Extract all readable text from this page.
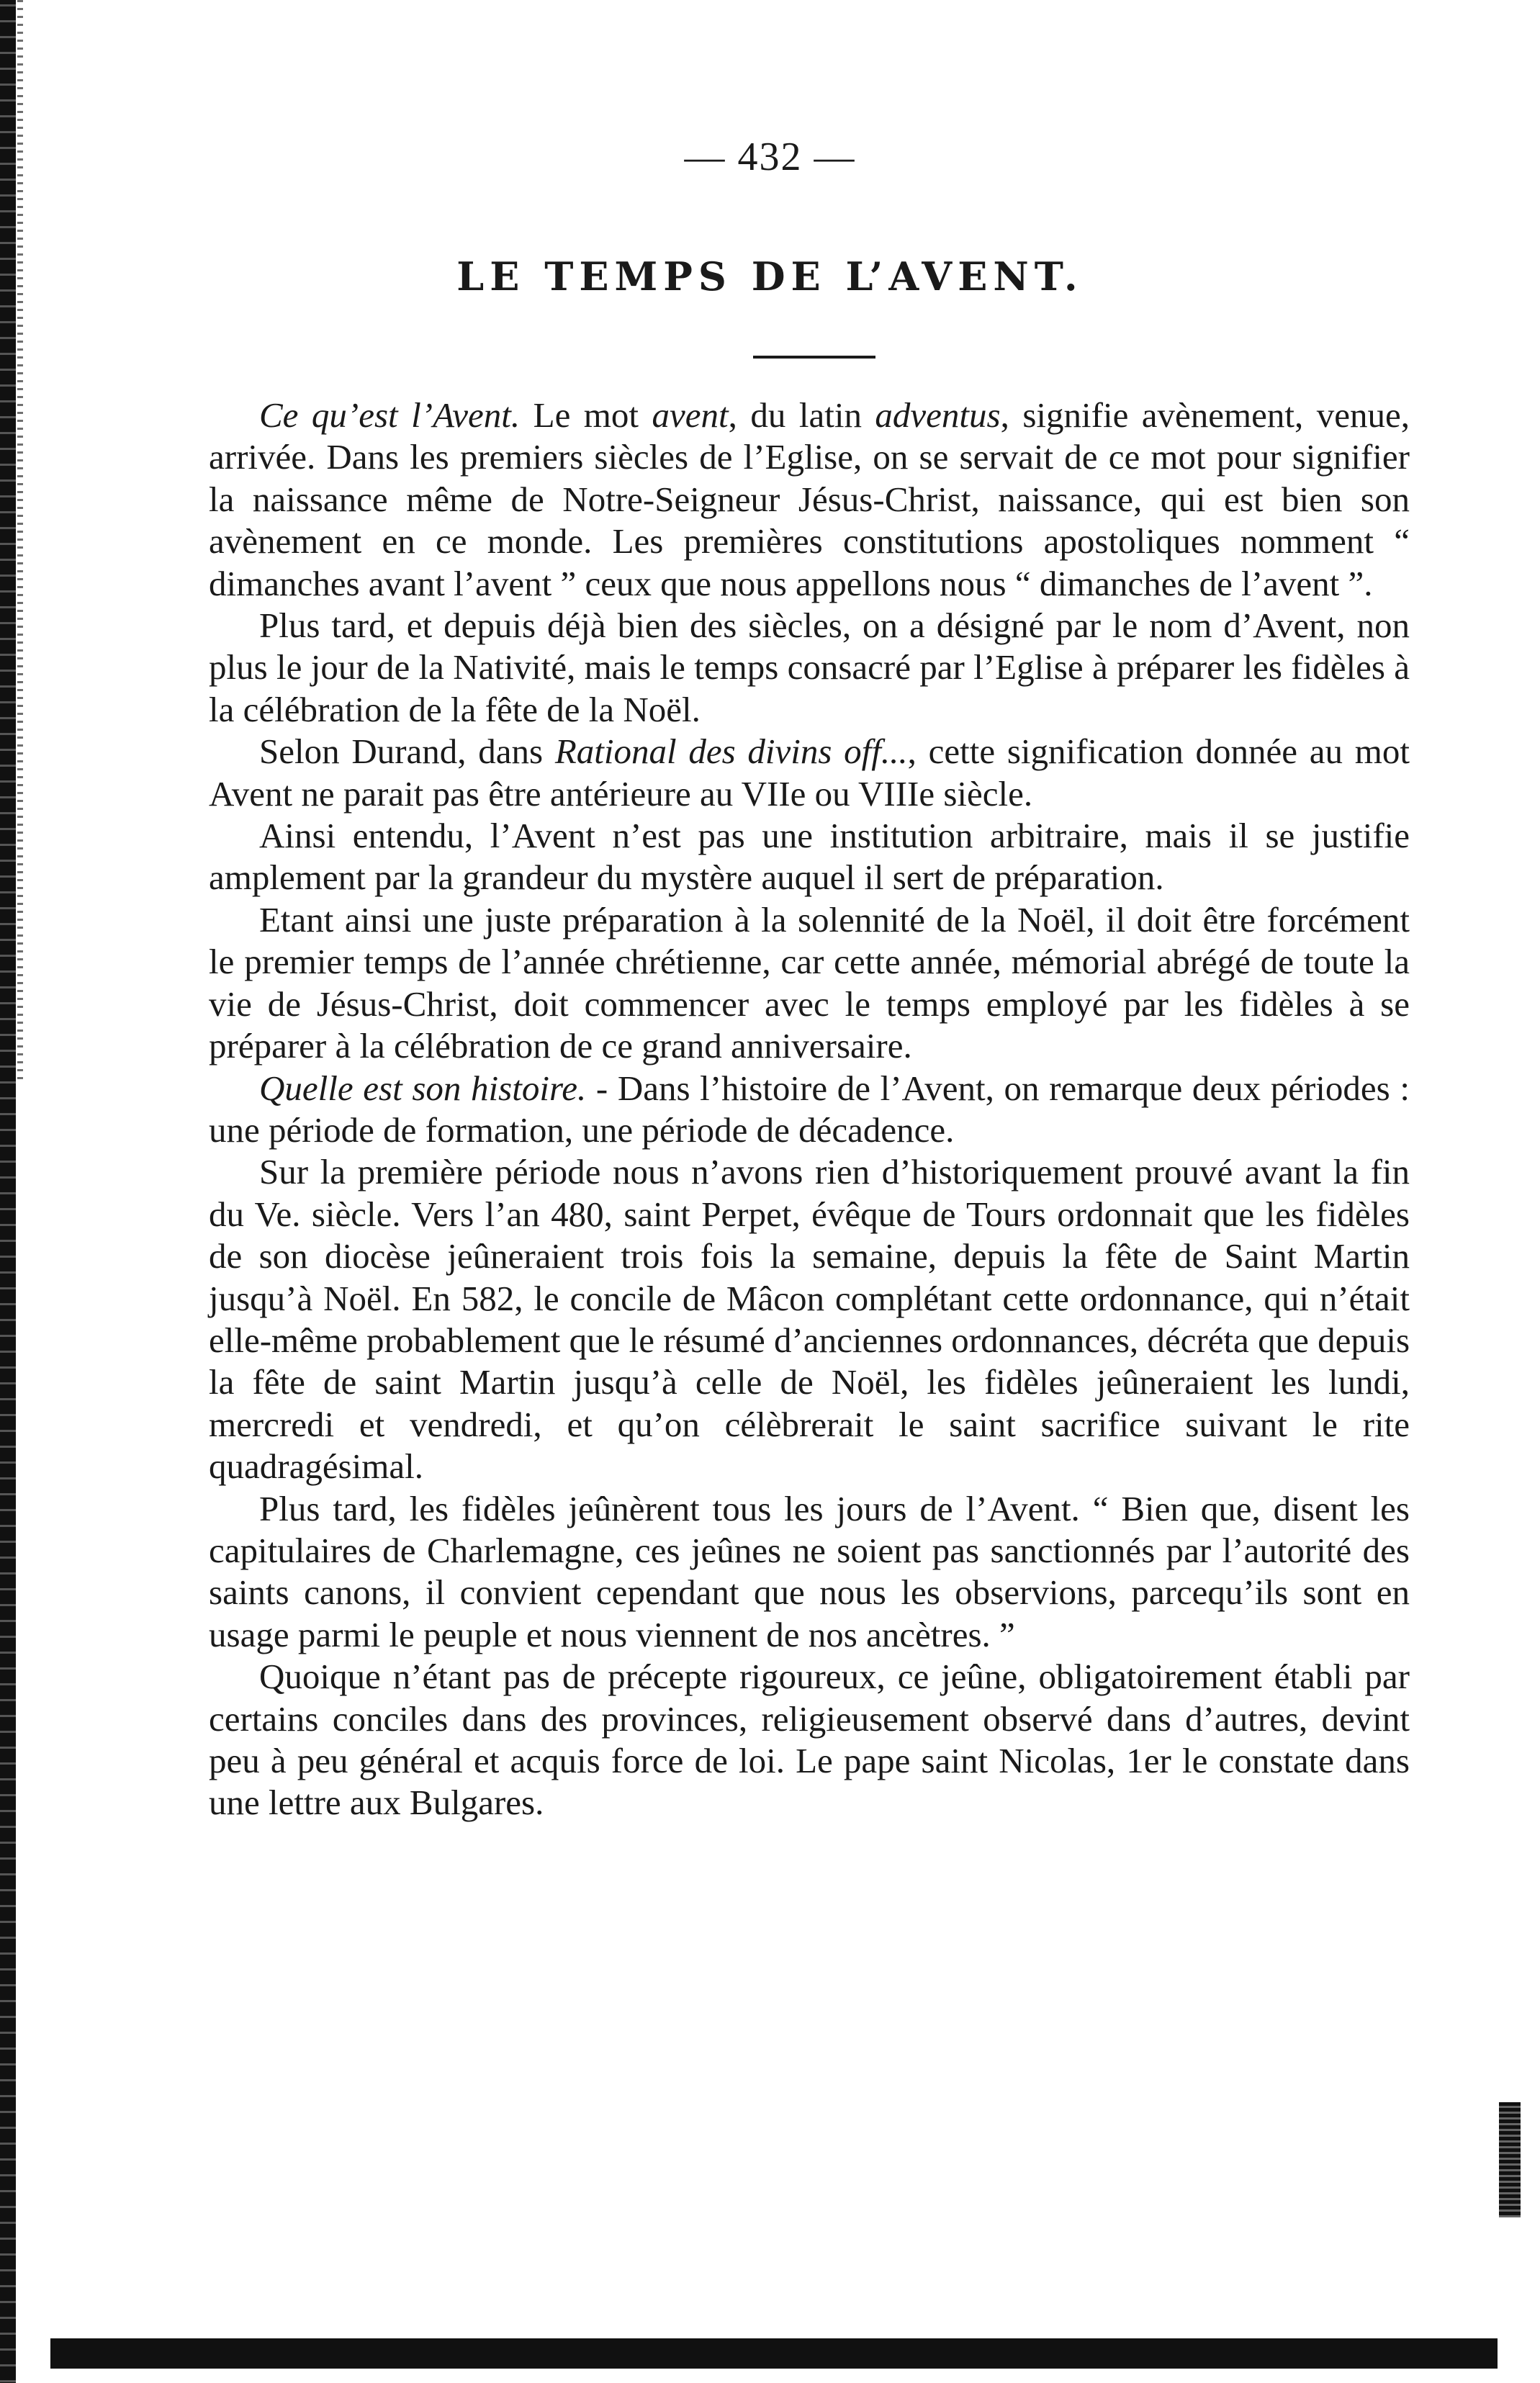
— 432 —
LE TEMPS DE L’AVENT.

Ce qu’est l’Avent. Le mot avent, du latin adventus, signifie avènement, venue, arrivée. Dans les premiers siècles de l’Eglise, on se servait de ce mot pour signifier la naissance même de Notre-Seigneur Jésus-Christ, naissance, qui est bien son avènement en ce monde. Les premières constitutions apostoliques nomment “ dimanches avant l’avent ” ceux que nous appellons nous “ dimanches de l’avent ”.

Plus tard, et depuis déjà bien des siècles, on a désigné par le nom d’Avent, non plus le jour de la Nativité, mais le temps consacré par l’Eglise à préparer les fidèles à la célébration de la fête de la Noël.

Selon Durand, dans Rational des divins off..., cette signification donnée au mot Avent ne parait pas être antérieure au VIIe ou VIIIe siècle.

Ainsi entendu, l’Avent n’est pas une institution arbitraire, mais il se justifie amplement par la grandeur du mystère auquel il sert de préparation.

Etant ainsi une juste préparation à la solennité de la Noël, il doit être forcément le premier temps de l’année chrétienne, car cette année, mémorial abrégé de toute la vie de Jésus-Christ, doit commencer avec le temps employé par les fidèles à se préparer à la célébration de ce grand anniversaire.

Quelle est son histoire. - Dans l’histoire de l’Avent, on remarque deux périodes : une période de formation, une période de décadence.

Sur la première période nous n’avons rien d’historiquement prouvé avant la fin du Ve. siècle. Vers l’an 480, saint Perpet, évêque de Tours ordonnait que les fidèles de son diocèse jeûneraient trois fois la semaine, depuis la fête de Saint Martin jusqu’à Noël. En 582, le concile de Mâcon complétant cette ordonnance, qui n’était elle-même probablement que le résumé d’anciennes ordonnances, décréta que depuis la fête de saint Martin jusqu’à celle de Noël, les fidèles jeûneraient les lundi, mercredi et vendredi, et qu’on célèbrerait le saint sacrifice suivant le rite quadragésimal.

Plus tard, les fidèles jeûnèrent tous les jours de l’Avent. “ Bien que, disent les capitulaires de Charlemagne, ces jeûnes ne soient pas sanctionnés par l’autorité des saints canons, il convient cependant que nous les observions, parcequ’ils sont en usage parmi le peuple et nous viennent de nos ancètres. ”

Quoique n’étant pas de précepte rigoureux, ce jeûne, obligatoirement établi par certains conciles dans des provinces, religieusement observé dans d’autres, devint peu à peu général et acquis force de loi. Le pape saint Nicolas, 1er le constate dans une lettre aux Bulgares.
